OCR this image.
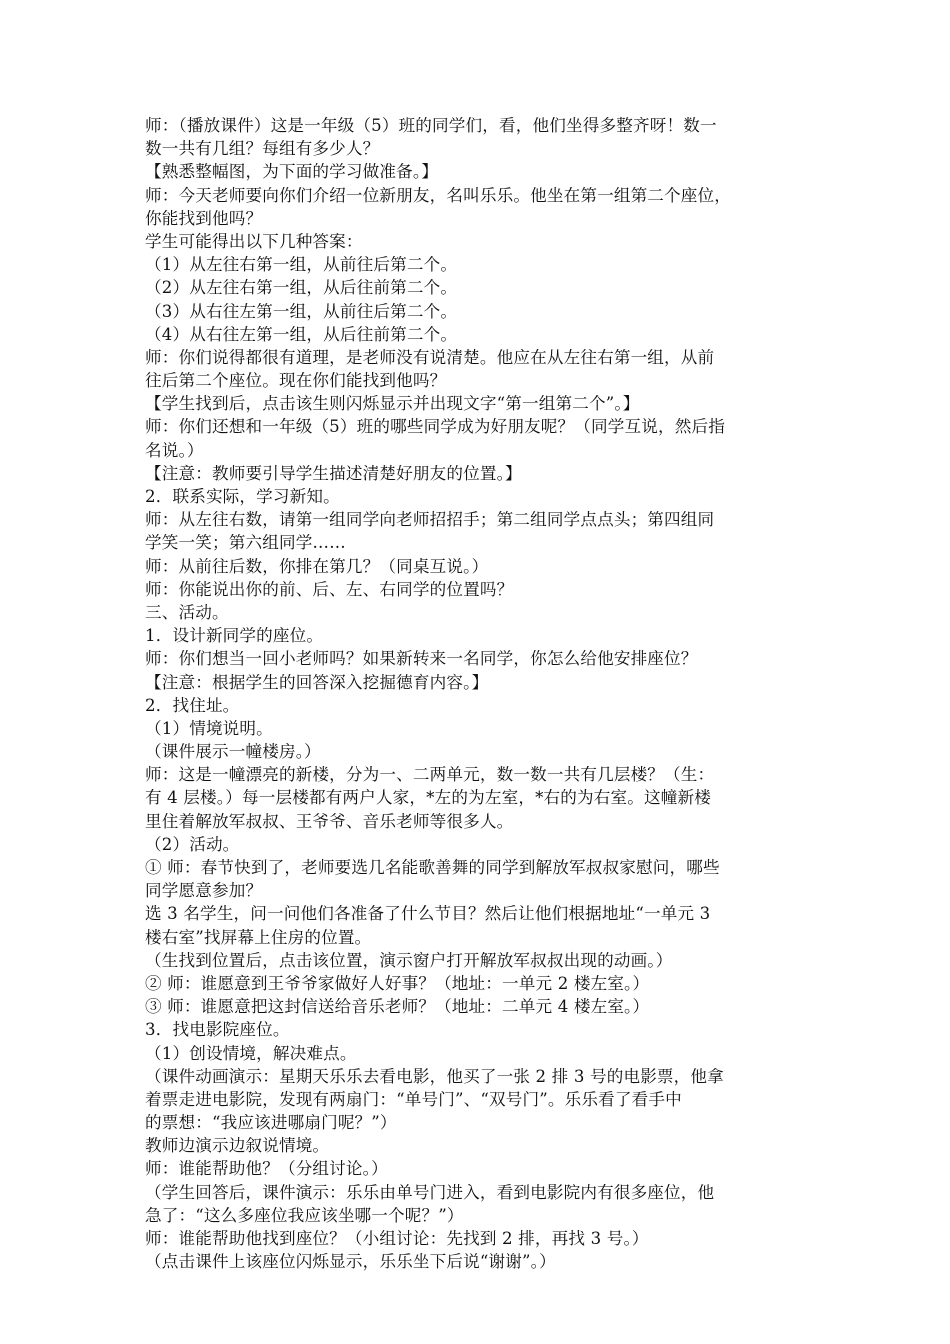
师：（播放课件）这是一年级（5）班的同学们，看，他们坐得多整齐呀！数一
数一共有几组？每组有多少人？
【熟悉整幅图，为下面的学习做准备。】
师：今天老师要向你们介绍一位新朋友，名叫乐乐。他坐在第一组第二个座位，
你能找到他吗？
学生可能得出以下几种答案：
（1）从左往右第一组，从前往后第二个。
（2）从左往右第一组，从后往前第二个。
（3）从右往左第一组，从前往后第二个。
（4）从右往左第一组，从后往前第二个。
师：你们说得都很有道理，是老师没有说清楚。他应在从左往右第一组，从前
往后第二个座位。现在你们能找到他吗？
【学生找到后，点击该生则闪烁显示并出现文字“第一组第二个”。】
师：你们还想和一年级（5）班的哪些同学成为好朋友呢？（同学互说，然后指
名说。）
【注意：教师要引导学生描述清楚好朋友的位置。】
2．联系实际，学习新知。
师：从左往右数，请第一组同学向老师招招手；第二组同学点点头；第四组同
学笑一笑；第六组同学……
师：从前往后数，你排在第几？（同桌互说。）
师：你能说出你的前、后、左、右同学的位置吗？
三、活动。
1．设计新同学的座位。
师：你们想当一回小老师吗？如果新转来一名同学，你怎么给他安排座位？
【注意：根据学生的回答深入挖掘德育内容。】
2．找住址。
（1）情境说明。
（课件展示一幢楼房。）
师：这是一幢漂亮的新楼，分为一、二两单元，数一数一共有几层楼？（生：
有 4 层楼。）每一层楼都有两户人家，*左的为左室，*右的为右室。这幢新楼
里住着解放军叔叔、王爷爷、音乐老师等很多人。
（2）活动。
① 师：春节快到了，老师要选几名能歌善舞的同学到解放军叔叔家慰问，哪些
同学愿意参加？
选 3 名学生，问一问他们各准备了什么节目？然后让他们根据地址“一单元 3
楼右室”找屏幕上住房的位置。
（生找到位置后，点击该位置，演示窗户打开解放军叔叔出现的动画。）
② 师：谁愿意到王爷爷家做好人好事？（地址：一单元 2 楼左室。）
③ 师：谁愿意把这封信送给音乐老师？（地址：二单元 4 楼左室。）
3．找电影院座位。
（1）创设情境，解决难点。
（课件动画演示：星期天乐乐去看电影，他买了一张 2 排 3 号的电影票，他拿
着票走进电影院，发现有两扇门：“单号门”、“双号门”。乐乐看了看手中
的票想：“我应该进哪扇门呢？”）
教师边演示边叙说情境。
师：谁能帮助他？（分组讨论。）
（学生回答后，课件演示：乐乐由单号门进入，看到电影院内有很多座位，他
急了：“这么多座位我应该坐哪一个呢？”）
师：谁能帮助他找到座位？（小组讨论：先找到 2 排，再找 3 号。）
（点击课件上该座位闪烁显示，乐乐坐下后说“谢谢”。）
